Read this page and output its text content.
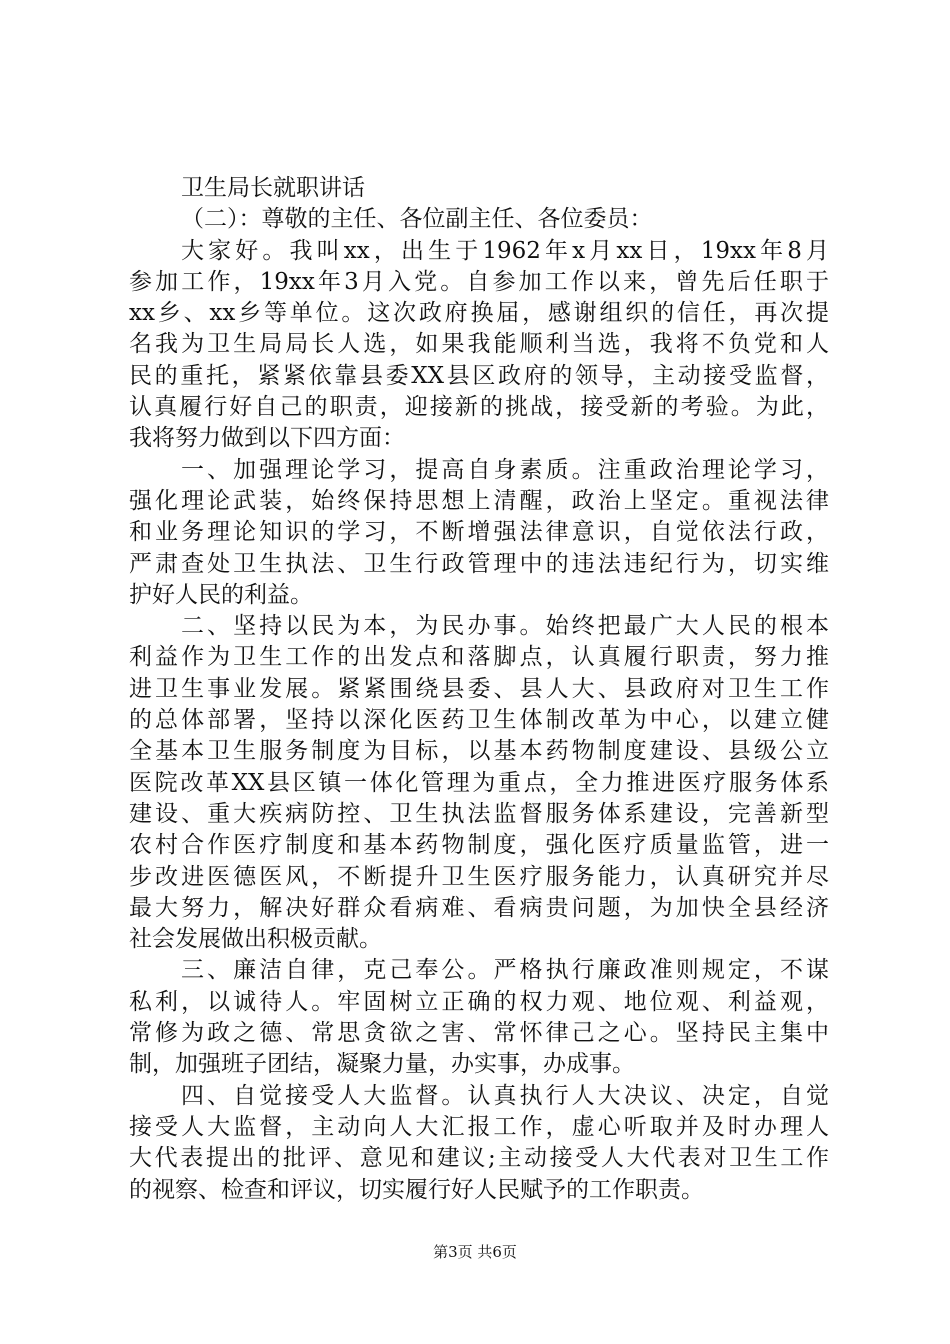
卫生局长就职讲话
（二）：尊敬的主任、各位副主任、各位委员：
大家好。我叫xx，出生于1962年x月xx日，19xx年8月
参加工作，19xx年3月入党。自参加工作以来，曾先后任职于
xx乡、xx乡等单位。这次政府换届，感谢组织的信任，再次提
名我为卫生局局长人选，如果我能顺利当选，我将不负党和人
民的重托，紧紧依靠县委XX县区政府的领导，主动接受监督，
认真履行好自己的职责，迎接新的挑战，接受新的考验。为此，
我将努力做到以下四方面：
一、加强理论学习，提高自身素质。注重政治理论学习，
强化理论武装，始终保持思想上清醒，政治上坚定。重视法律
和业务理论知识的学习，不断增强法律意识，自觉依法行政，
严肃查处卫生执法、卫生行政管理中的违法违纪行为，切实维
护好人民的利益。
二、坚持以民为本，为民办事。始终把最广大人民的根本
利益作为卫生工作的出发点和落脚点，认真履行职责，努力推
进卫生事业发展。紧紧围绕县委、县人大、县政府对卫生工作
的总体部署，坚持以深化医药卫生体制改革为中心，以建立健
全基本卫生服务制度为目标，以基本药物制度建设、县级公立
医院改革XX县区镇一体化管理为重点，全力推进医疗服务体系
建设、重大疾病防控、卫生执法监督服务体系建设，完善新型
农村合作医疗制度和基本药物制度，强化医疗质量监管，进一
步改进医德医风，不断提升卫生医疗服务能力，认真研究并尽
最大努力，解决好群众看病难、看病贵问题，为加快全县经济
社会发展做出积极贡献。
三、廉洁自律，克己奉公。严格执行廉政准则规定，不谋
私利，以诚待人。牢固树立正确的权力观、地位观、利益观，
常修为政之德、常思贪欲之害、常怀律己之心。坚持民主集中
制，加强班子团结，凝聚力量，办实事，办成事。
四、自觉接受人大监督。认真执行人大决议、决定，自觉
接受人大监督，主动向人大汇报工作，虚心听取并及时办理人
大代表提出的批评、意见和建议;主动接受人大代表对卫生工作
的视察、检查和评议，切实履行好人民赋予的工作职责。
第3页 共6页
